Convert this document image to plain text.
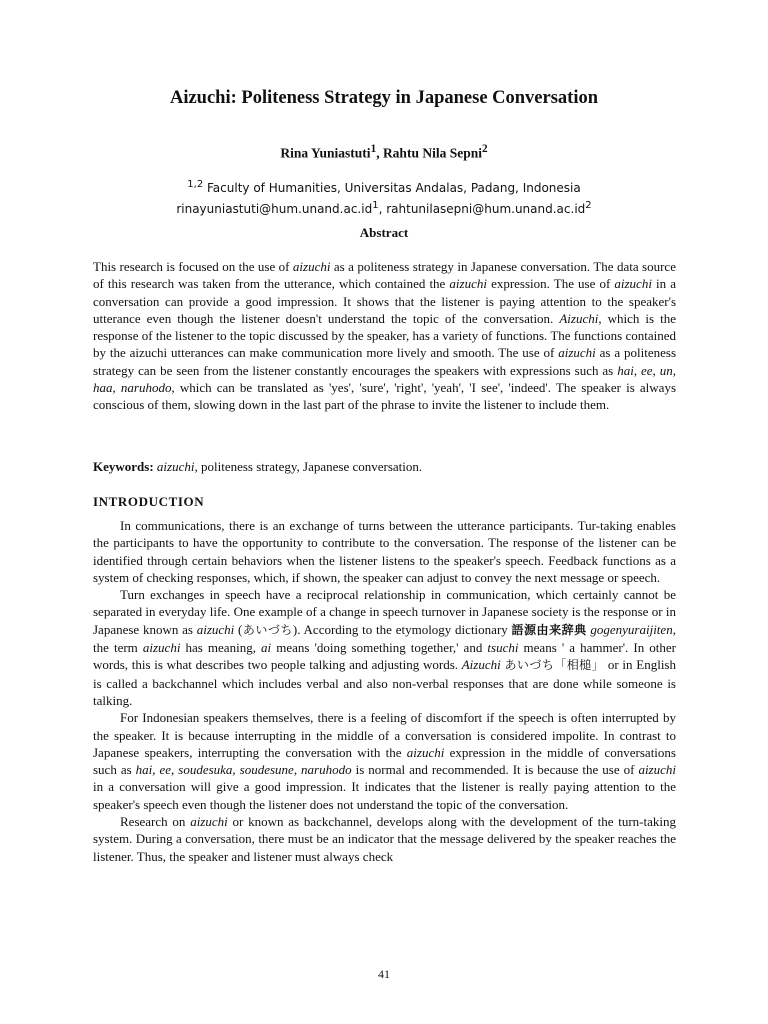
Aizuchi: Politeness Strategy in Japanese Conversation
Rina Yuniastuti$^1$, Rahtu Nila Sepni$^2$
$^{1,2}$ Faculty of Humanities, Universitas Andalas, Padang, Indonesia
$rinayuniastuti@hum.unand.ac.id^1$, $rahtunilasepni@hum.unand.ac.id^2$
Abstract

This research is focused on the use of aizuchi as a politeness strategy in Japanese conversation. The data source of this research was taken from the utterance, which contained the aizuchi expression. The use of aizuchi in a conversation can provide a good impression. It shows that the listener is paying attention to the speaker's utterance even though the listener doesn't understand the topic of the conversation. Aizuchi, which is the response of the listener to the topic discussed by the speaker, has a variety of functions. The functions contained by the aizuchi utterances can make communication more lively and smooth. The use of aizuchi as a politeness strategy can be seen from the listener constantly encourages the speakers with expressions such as hai, ee, un, haa, naruhodo, which can be translated as 'yes', 'sure', 'right', 'yeah', 'I see', 'indeed'. The speaker is always conscious of them, slowing down in the last part of the phrase to invite the listener to include them.

Keywords: aizuchi, politeness strategy, Japanese conversation.

INTRODUCTION

In communications, there is an exchange of turns between the utterance participants. Tur-taking enables the participants to have the opportunity to contribute to the conversation. The response of the listener can be identified through certain behaviors when the listener listens to the speaker's speech. Feedback functions as a system of checking responses, which, if shown, the speaker can adjust to convey the next message or speech.

Turn exchanges in speech have a reciprocal relationship in communication, which certainly cannot be separated in everyday life. One example of a change in speech turnover in Japanese society is the response or in Japanese known as aizuchi (あいづち). According to the etymology dictionary 語源由来辞典 gogenyuraijiten, the term aizuchi has meaning, ai means 'doing something together,' and tsuchi means ' a hammer'. In other words, this is what describes two people talking and adjusting words. Aizuchi あいづち「相槌」 or in English is called a backchannel which includes verbal and also non-verbal responses that are done while someone is talking.

For Indonesian speakers themselves, there is a feeling of discomfort if the speech is often interrupted by the speaker. It is because interrupting in the middle of a conversation is considered impolite. In contrast to Japanese speakers, interrupting the conversation with the aizuchi expression in the middle of conversations such as hai, ee, soudesuka, soudesune, naruhodo is normal and recommended. It is because the use of aizuchi in a conversation will give a good impression. It indicates that the listener is really paying attention to the speaker's speech even though the listener does not understand the topic of the conversation.

Research on aizuchi or known as backchannel, develops along with the development of the turn-taking system. During a conversation, there must be an indicator that the message delivered by the speaker reaches the listener. Thus, the speaker and listener must always check

41
